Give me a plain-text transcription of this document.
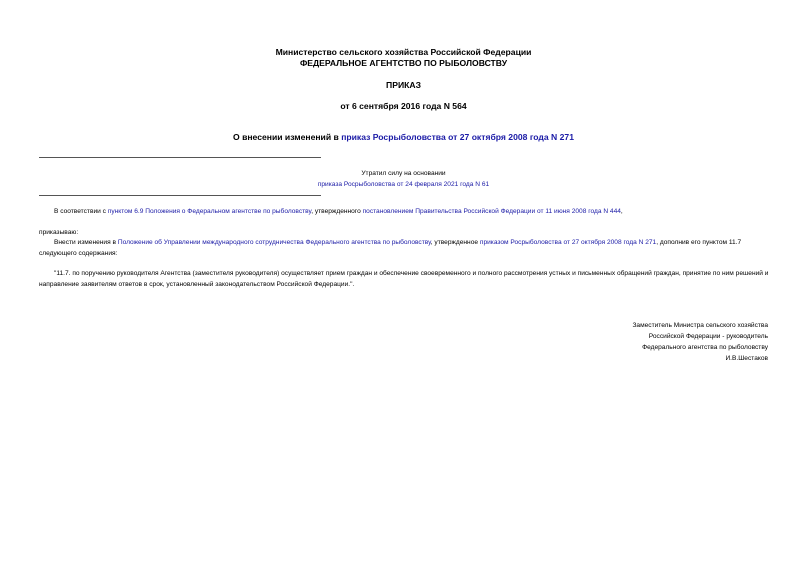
Министерство сельского хозяйства Российской Федерации
ФЕДЕРАЛЬНОЕ АГЕНТСТВО ПО РЫБОЛОВСТВУ
ПРИКАЗ
от 6 сентября 2016 года N 564
О внесении изменений в приказ Росрыболовства от 27 октября 2008 года N 271
Утратил силу на основании
приказа Росрыболовства от 24 февраля 2021 года N 61
В соответствии с пунктом 6.9 Положения о Федеральном агентстве по рыболовству, утвержденного постановлением Правительства Российской Федерации от 11 июня 2008 года N 444,
приказываю:
Внести изменения в Положение об Управлении международного сотрудничества Федерального агентства по рыболовству, утвержденное приказом Росрыболовства от 27 октября 2008 года N 271, дополнив его пунктом 11.7 следующего содержания:
"11.7. по поручению руководителя Агентства (заместителя руководителя) осуществляет прием граждан и обеспечение своевременного и полного рассмотрения устных и письменных обращений граждан, принятие по ним решений и направление заявителям ответов в срок, установленный законодательством Российской Федерации.".
Заместитель Министра сельского хозяйства
Российской Федерации - руководитель
Федерального агентства по рыболовству
И.В.Шестаков
